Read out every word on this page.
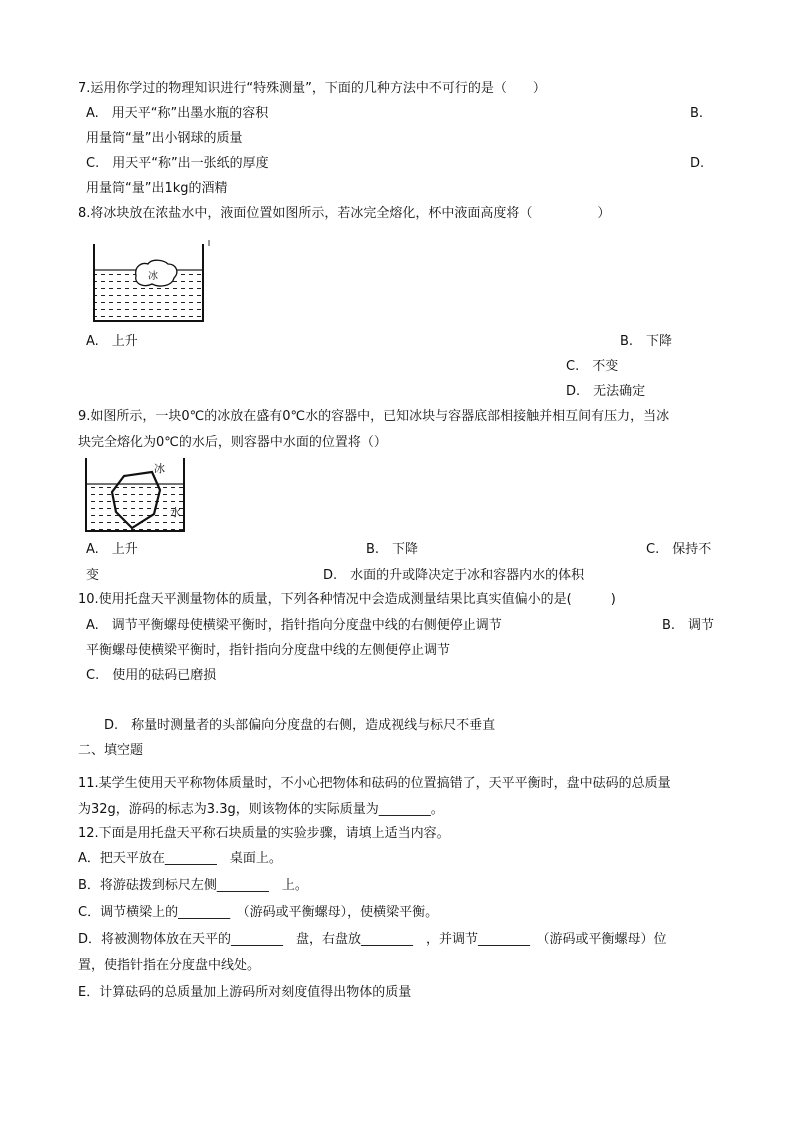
7.运用你学过的物理知识进行“特殊测量”，下面的几种方法中不可行的是（　　）
A.　用天平“称”出墨水瓶的容积	B.
用量筒“量”出小钢球的质量
C.　用天平“称”出一张纸的厚度	D.
用量筒“量”出1kg的酒精
8.将冰块放在浓盐水中，液面位置如图所示，若冰完全熔化，杯中液面高度将（　　　　　）
冰
A.　上升	B.　下降
C.　不变
D.　无法确定
9.如图所示，一块0℃的冰放在盛有0℃水的容器中，已知冰块与容器底部相接触并相互间有压力，当冰
块完全熔化为0℃的水后，则容器中水面的位置将（）
冰
水
A.　上升	B.　下降	C.　保持不
变	D.　水面的升或降决定于冰和容器内水的体积
10.使用托盘天平测量物体的质量，下列各种情况中会造成测量结果比真实值偏小的是(　　　)
A.　调节平衡螺母使横梁平衡时，指针指向分度盘中线的右侧便停止调节	B.　调节
平衡螺母使横梁平衡时，指针指向分度盘中线的左侧便停止调节
C.　使用的砝码已磨损
D.　称量时测量者的头部偏向分度盘的右侧，造成视线与标尺不垂直
二、填空题
11.某学生使用天平称物体质量时，不小心把物体和砝码的位置搞错了，天平平衡时，盘中砝码的总质量
为32g，游码的标志为3.3g，则该物体的实际质量为________。
12.下面是用托盘天平称石块质量的实验步骤，请填上适当内容。
A．把天平放在________　桌面上。
B．将游砝拨到标尺左侧________　上。
C．调节横梁上的________　（游码或平衡螺母），使横梁平衡。
D．将被测物体放在天平的________　盘，右盘放________　，并调节________　（游码或平衡螺母）位
置，使指针指在分度盘中线处。
E．计算砝码的总质量加上游码所对刻度值得出物体的质量
